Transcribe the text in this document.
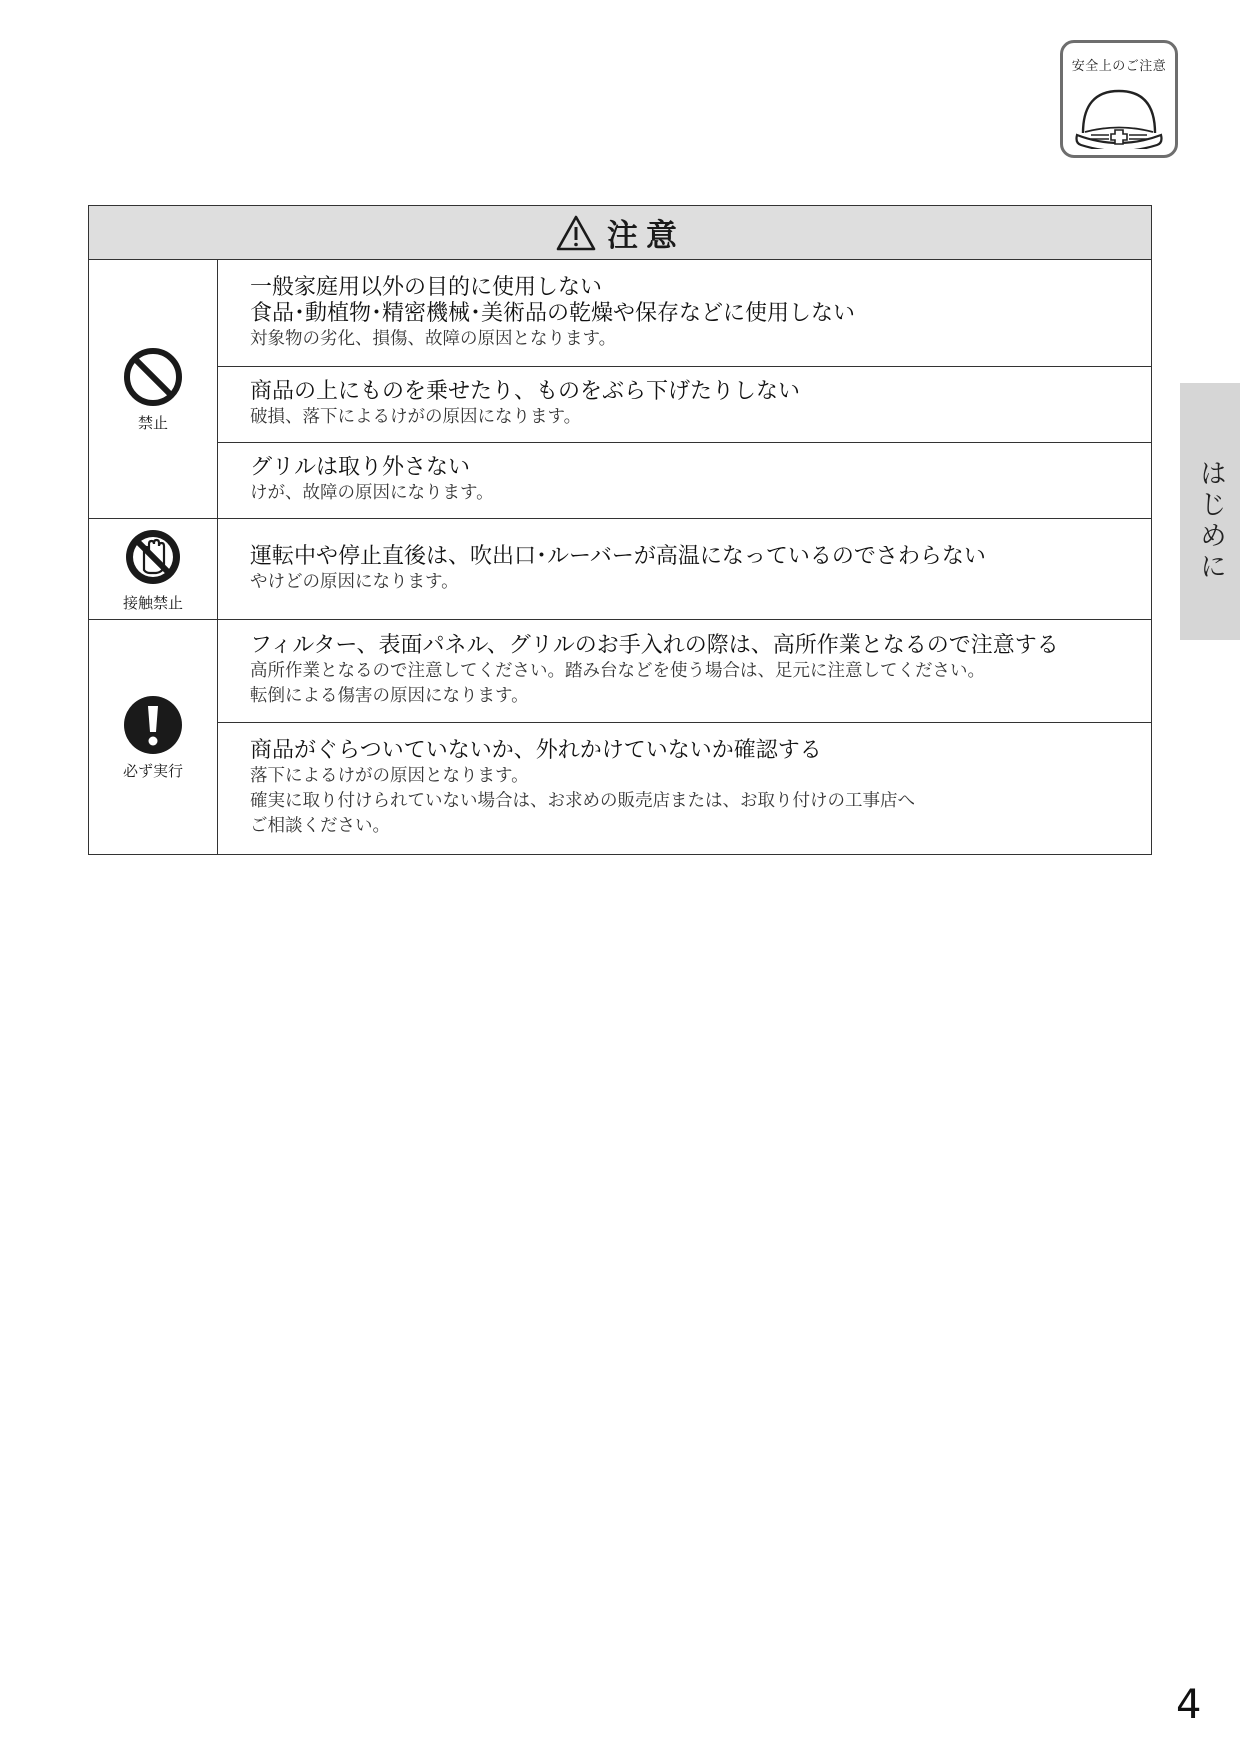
安全上のご注意
はじめに
注意
禁止
一般家庭用以外の目的に使用しない
食品･動植物･精密機械･美術品の乾燥や保存などに使用しない
対象物の劣化、損傷、故障の原因となります。
商品の上にものを乗せたり、ものをぶら下げたりしない
破損、落下によるけがの原因になります。
グリルは取り外さない
けが、故障の原因になります。
接触禁止
運転中や停止直後は、吹出口･ルーバーが高温になっているのでさわらない
やけどの原因になります。
必ず実行
フィルター、表面パネル、グリルのお手入れの際は、高所作業となるので注意する
高所作業となるので注意してください。踏み台などを使う場合は、足元に注意してください。
転倒による傷害の原因になります。
商品がぐらついていないか、外れかけていないか確認する
落下によるけがの原因となります。
確実に取り付けられていない場合は、お求めの販売店または、お取り付けの工事店へ
ご相談ください。
4
